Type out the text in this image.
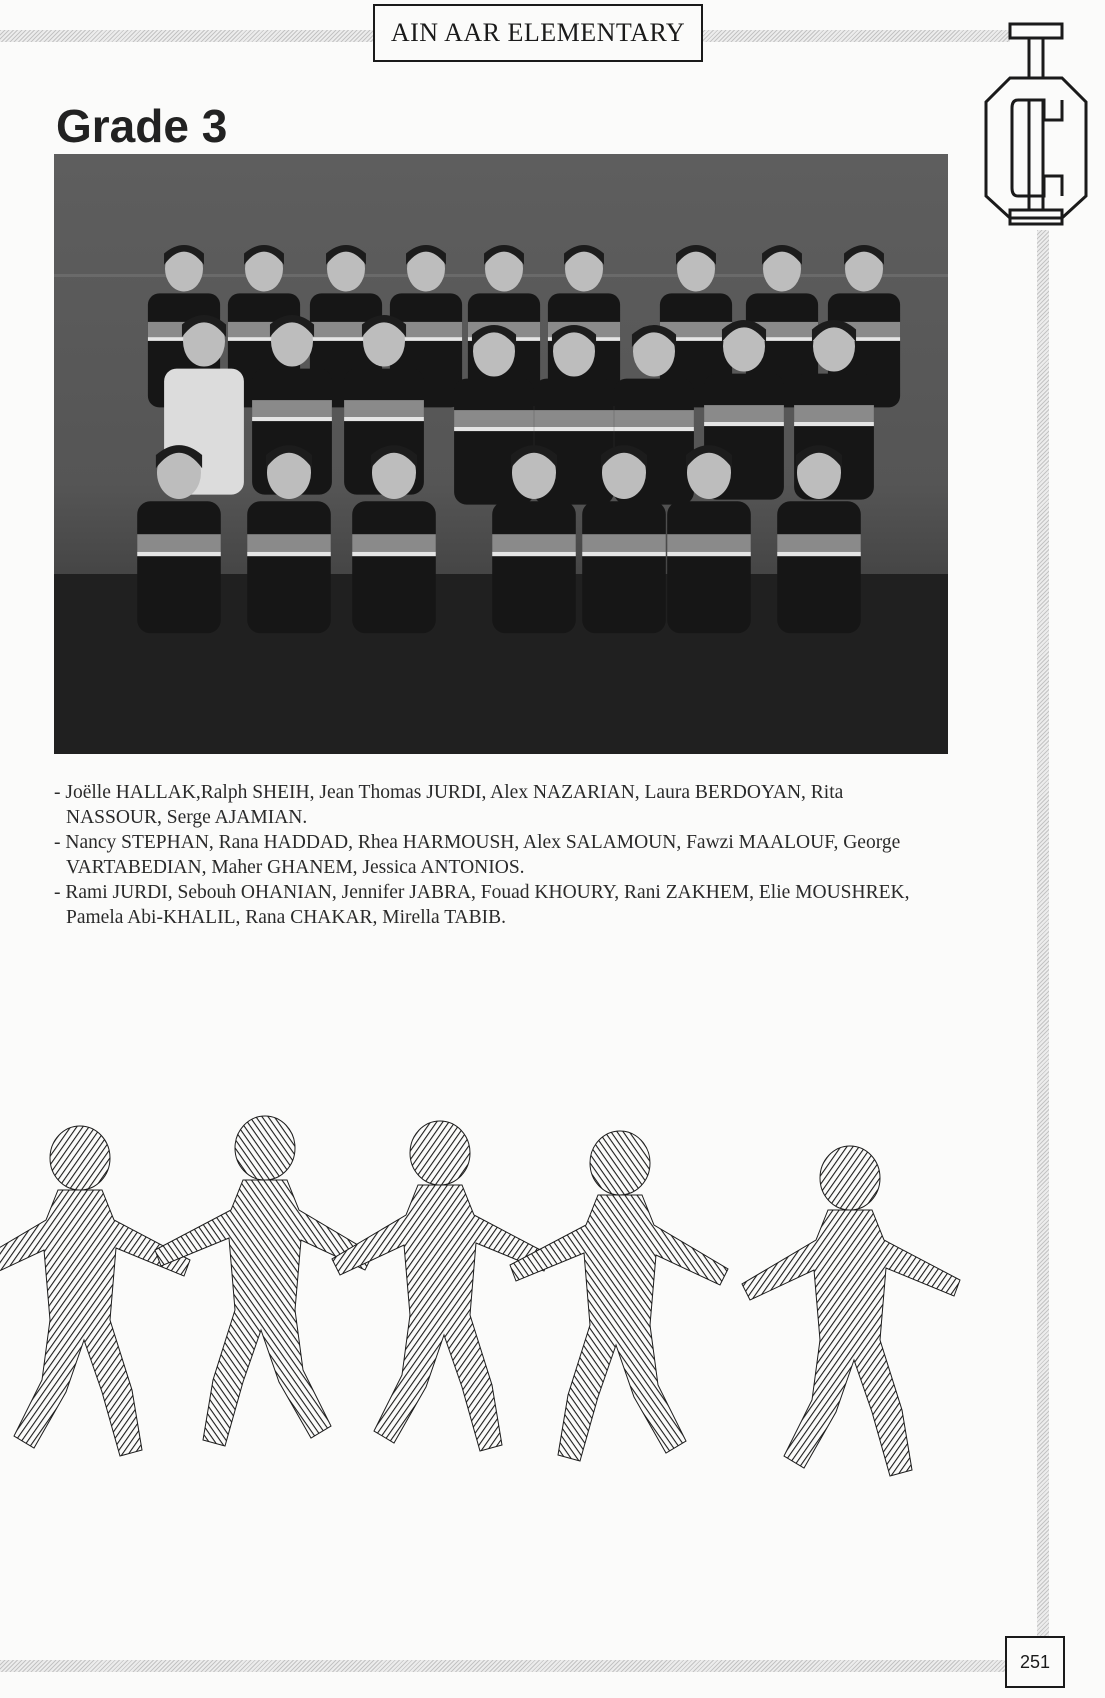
AIN AAR ELEMENTARY
Grade 3
- Joëlle HALLAK,Ralph SHEIH, Jean Thomas JURDI, Alex NAZARIAN, Laura BERDOYAN, Rita NASSOUR, Serge AJAMIAN.
- Nancy STEPHAN, Rana HADDAD, Rhea HARMOUSH, Alex SALAMOUN, Fawzi MAALOUF, George VARTABEDIAN, Maher GHANEM, Jessica ANTONIOS.
- Rami JURDI, Sebouh OHANIAN, Jennifer JABRA, Fouad KHOURY, Rani ZAKHEM, Elie MOUSHREK, Pamela Abi-KHALIL, Rana CHAKAR, Mirella TABIB.
251
